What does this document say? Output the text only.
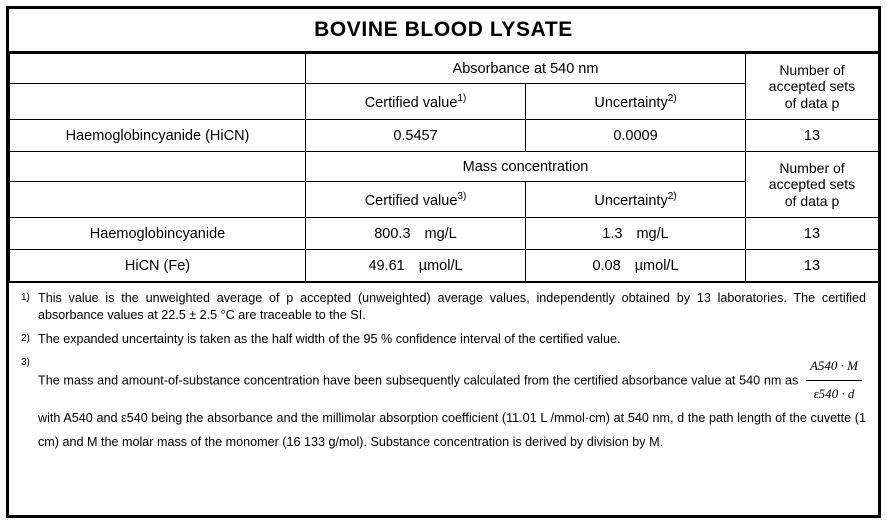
BOVINE BLOOD LYSATE
	Absorbance at 540 nm		Number of
accepted sets
of data p

	Certified value$^{1)}$	Uncertainty$^{2)}$
Haemoglobincyanide (HiCN)	0.5457	0.0009	13
	Mass concentration		Number of
accepted sets
of data p

	Certified value$^{3)}$	Uncertainty$^{2)}$
Haemoglobincyanide	800.3 mg/L	1.3 mg/L	13
HiCN (Fe)	49.61 µmol/L	0.08 µmol/L	13
1) This value is the unweighted average of p accepted (unweighted) average values, independently obtained by 13 laboratories. The certified absorbance values at 22.5 ± 2.5 °C are traceable to the SI.
2) The expanded uncertainty is taken as the half width of the 95 % confidence interval of the certified value.
3)
The mass and amount-of-substance concentration have been subsequently calculated from the certified absorbance value at 540 nm as $\frac{A540 \cdot M}{\varepsilon 540 \cdot d}$
with A540 and ε540 being the absorbance and the millimolar absorption coefficient (11.01 L /mmol·cm) at 540 nm, d the path length of the cuvette (1 cm) and M the molar mass of the monomer (16 133 g/mol). Substance concentration is derived by division by M.
